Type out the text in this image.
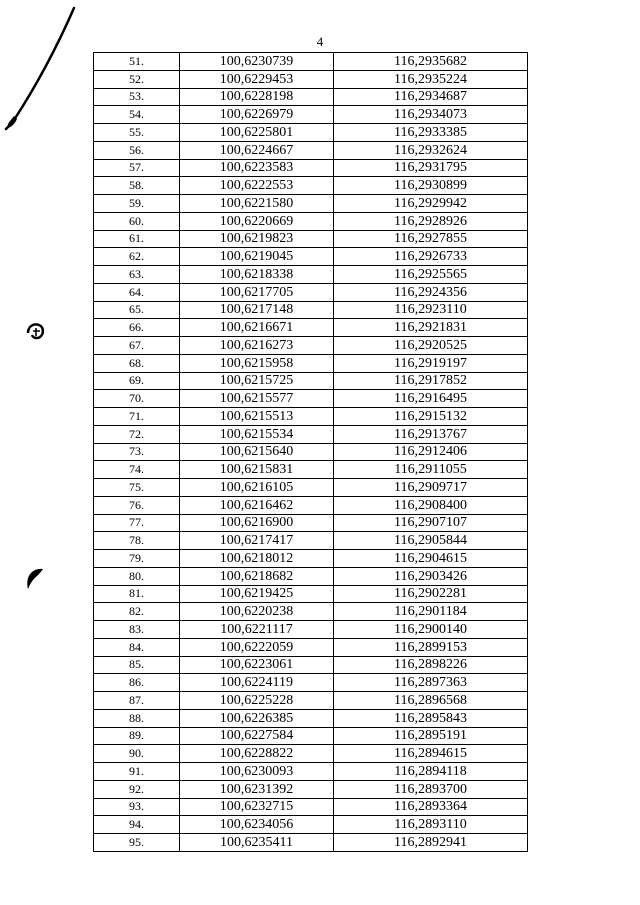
4
51.	100,6230739	116,2935682
52.	100,6229453	116,2935224
53.	100,6228198	116,2934687
54.	100,6226979	116,2934073
55.	100,6225801	116,2933385
56.	100,6224667	116,2932624
57.	100,6223583	116,2931795
58.	100,6222553	116,2930899
59.	100,6221580	116,2929942
60.	100,6220669	116,2928926
61.	100,6219823	116,2927855
62.	100,6219045	116,2926733
63.	100,6218338	116,2925565
64.	100,6217705	116,2924356
65.	100,6217148	116,2923110
66.	100,6216671	116,2921831
67.	100,6216273	116,2920525
68.	100,6215958	116,2919197
69.	100,6215725	116,2917852
70.	100,6215577	116,2916495
71.	100,6215513	116,2915132
72.	100,6215534	116,2913767
73.	100,6215640	116,2912406
74.	100,6215831	116,2911055
75.	100,6216105	116,2909717
76.	100,6216462	116,2908400
77.	100,6216900	116,2907107
78.	100,6217417	116,2905844
79.	100,6218012	116,2904615
80.	100,6218682	116,2903426
81.	100,6219425	116,2902281
82.	100,6220238	116,2901184
83.	100,6221117	116,2900140
84.	100,6222059	116,2899153
85.	100,6223061	116,2898226
86.	100,6224119	116,2897363
87.	100,6225228	116,2896568
88.	100,6226385	116,2895843
89.	100,6227584	116,2895191
90.	100,6228822	116,2894615
91.	100,6230093	116,2894118
92.	100,6231392	116,2893700
93.	100,6232715	116,2893364
94.	100,6234056	116,2893110
95.	100,6235411	116,2892941
